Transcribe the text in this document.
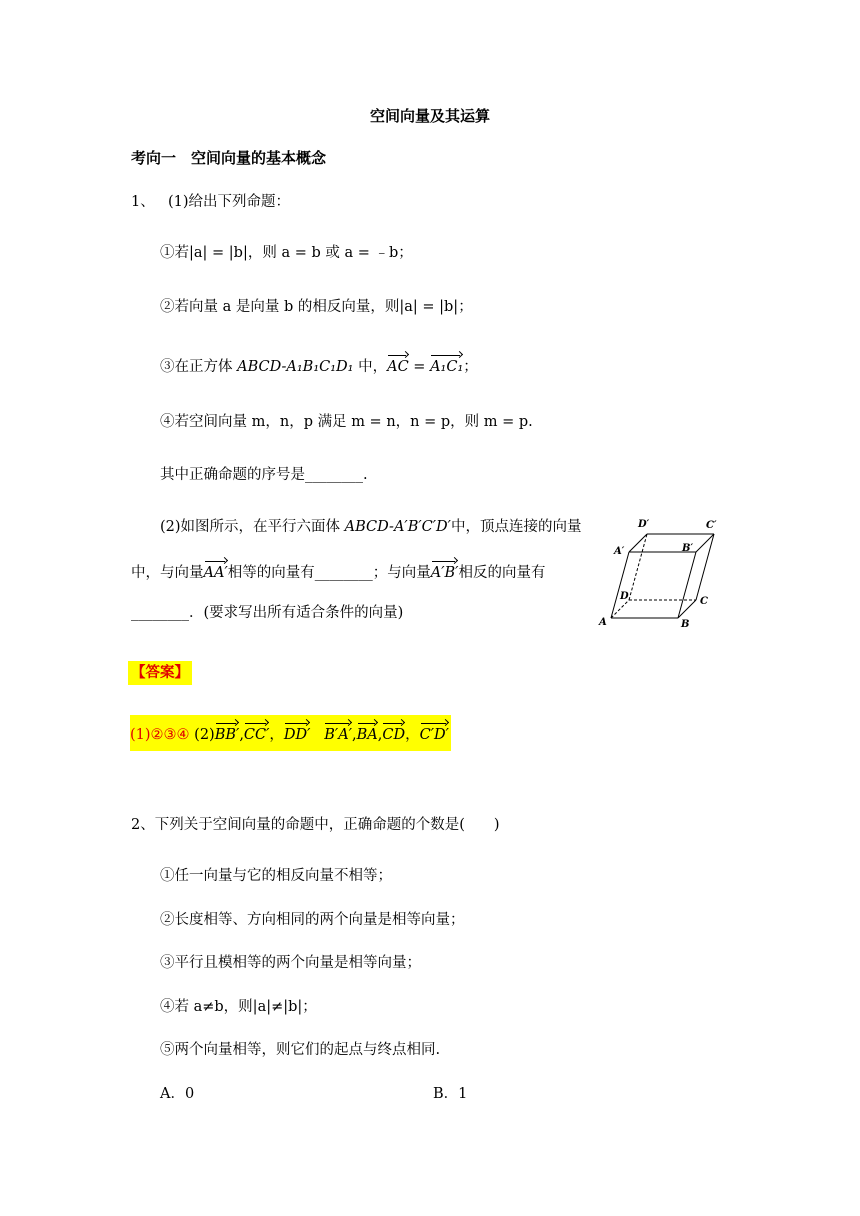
空间向量及其运算
考向一　空间向量的基本概念
1、 (1)给出下列命题：
①若|a| = |b|，则 a = b 或 a = ﹣b；
②若向量 a 是向量 b 的相反向量，则|a| = |b|；
③在正方体 ABCD-A₁B₁C₁D₁ 中，AC = A₁C₁；
④若空间向量 m，n，p 满足 m = n，n = p，则 m = p.
其中正确命题的序号是________.
(2)如图所示，在平行六面体 ABCD-A′B′C′D′中，顶点连接的向量
中，与向量AA′相等的向量有________；与向量A′B′相反的向量有
________．(要求写出所有适合条件的向量)
A	B
C
D
A′	B′
C′
D′
【答案】
(1)②③④ (2)BB′,CC′，DD′ B′A′,BA,CD，C′D′
2、下列关于空间向量的命题中，正确命题的个数是(　　)
①任一向量与它的相反向量不相等；
②长度相等、方向相同的两个向量是相等向量；
③平行且模相等的两个向量是相等向量；
④若 a≠b，则|a|≠|b|；
⑤两个向量相等，则它们的起点与终点相同.
A．0	B．1
